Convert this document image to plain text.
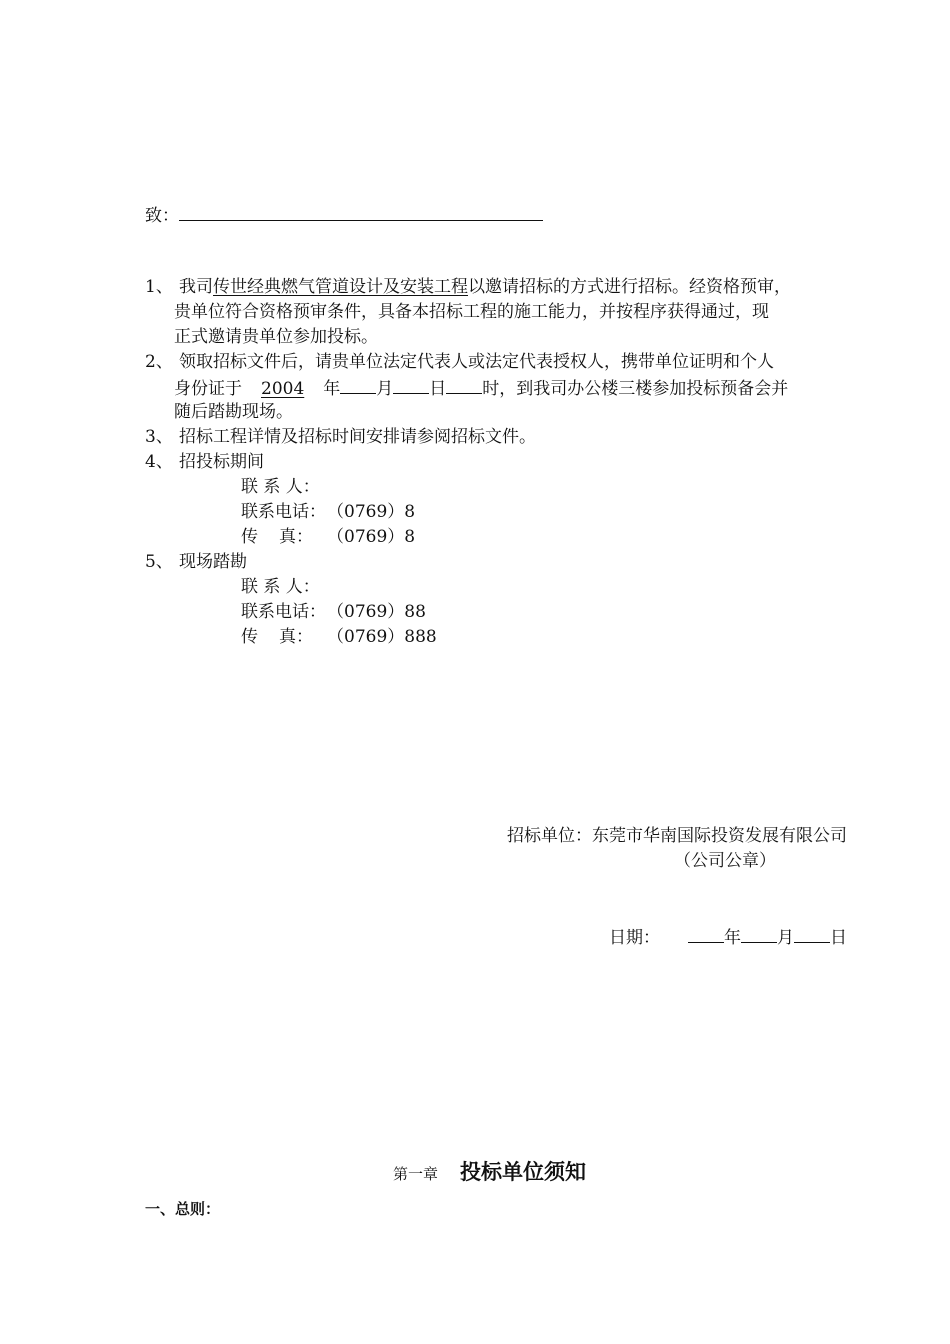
致：
1、 我司传世经典燃气管道设计及安装工程以邀请招标的方式进行招标。经资格预审，
贵单位符合资格预审条件，具备本招标工程的施工能力，并按程序获得通过，现
正式邀请贵单位参加投标。
2、 领取招标文件后，请贵单位法定代表人或法定代表授权人，携带单位证明和个人
身份证于 2004 年 月 日 时，到我司办公楼三楼参加投标预备会并
随后踏勘现场。
3、 招标工程详情及招标时间安排请参阅招标文件。
4、 招投标期间
联 系 人：
联系电话：（0769）8
传 真： （0769）8
5、 现场踏勘
联 系 人：
联系电话：（0769）88
传 真： （0769）888
招标单位：东莞市华南国际投资发展有限公司
（公司公章）
日期：	年 月 日
第一章 投标单位须知
一、总则：
